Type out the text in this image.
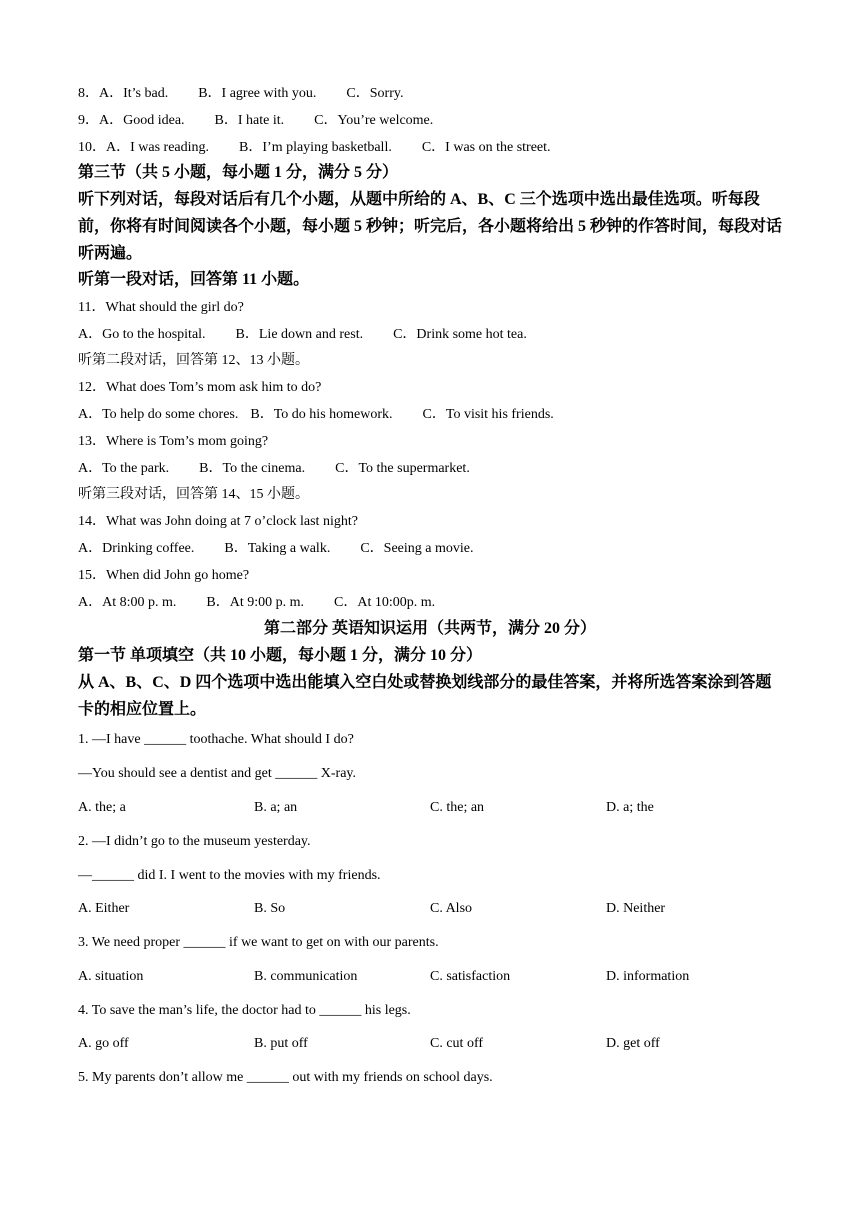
8．A．It’s bad. B．I agree with you. C．Sorry.
9．A．Good idea. B．I hate it. C．You’re welcome.
10．A．I was reading. B．I’m playing basketball. C．I was on the street.
第三节（共 5 小题，每小题 1 分，满分 5 分）
听下列对话，每段对话后有几个小题，从题中所给的 A、B、C 三个选项中选出最佳选项。听每段前，你将有时间阅读各个小题，每小题 5 秒钟；听完后，各小题将给出 5 秒钟的作答时间，每段对话听两遍。
听第一段对话，回答第 11 小题。
11．What should the girl do?
A．Go to the hospital. B．Lie down and rest. C．Drink some hot tea.
听第二段对话，回答第 12、13 小题。
12．What does Tom’s mom ask him to do?
A．To help do some chores. B．To do his homework. C．To visit his friends.
13．Where is Tom’s mom going?
A．To the park. B．To the cinema. C．To the supermarket.
听第三段对话，回答第 14、15 小题。
14．What was John doing at 7 o’clock last night?
A．Drinking coffee. B．Taking a walk. C．Seeing a movie.
15．When did John go home?
A．At 8:00 p. m. B．At 9:00 p. m. C．At 10:00p. m.
第二部分 英语知识运用（共两节，满分 20 分）
第一节 单项填空（共 10 小题，每小题 1 分，满分 10 分）
从 A、B、C、D 四个选项中选出能填入空白处或替换划线部分的最佳答案，并将所选答案涂到答题卡的相应位置上。
1. —I have ______ toothache. What should I do?
—You should see a dentist and get ______ X-ray.
A. the; a	B. a; an	C. the; an	D. a; the
2. —I didn’t go to the museum yesterday.
—______ did I. I went to the movies with my friends.
A. Either	B. So	C. Also	D. Neither
3. We need proper ______ if we want to get on with our parents.
A. situation	B. communication	C. satisfaction	D. information
4. To save the man’s life, the doctor had to ______ his legs.
A. go off	B. put off	C. cut off	D. get off
5. My parents don’t allow me ______ out with my friends on school days.
